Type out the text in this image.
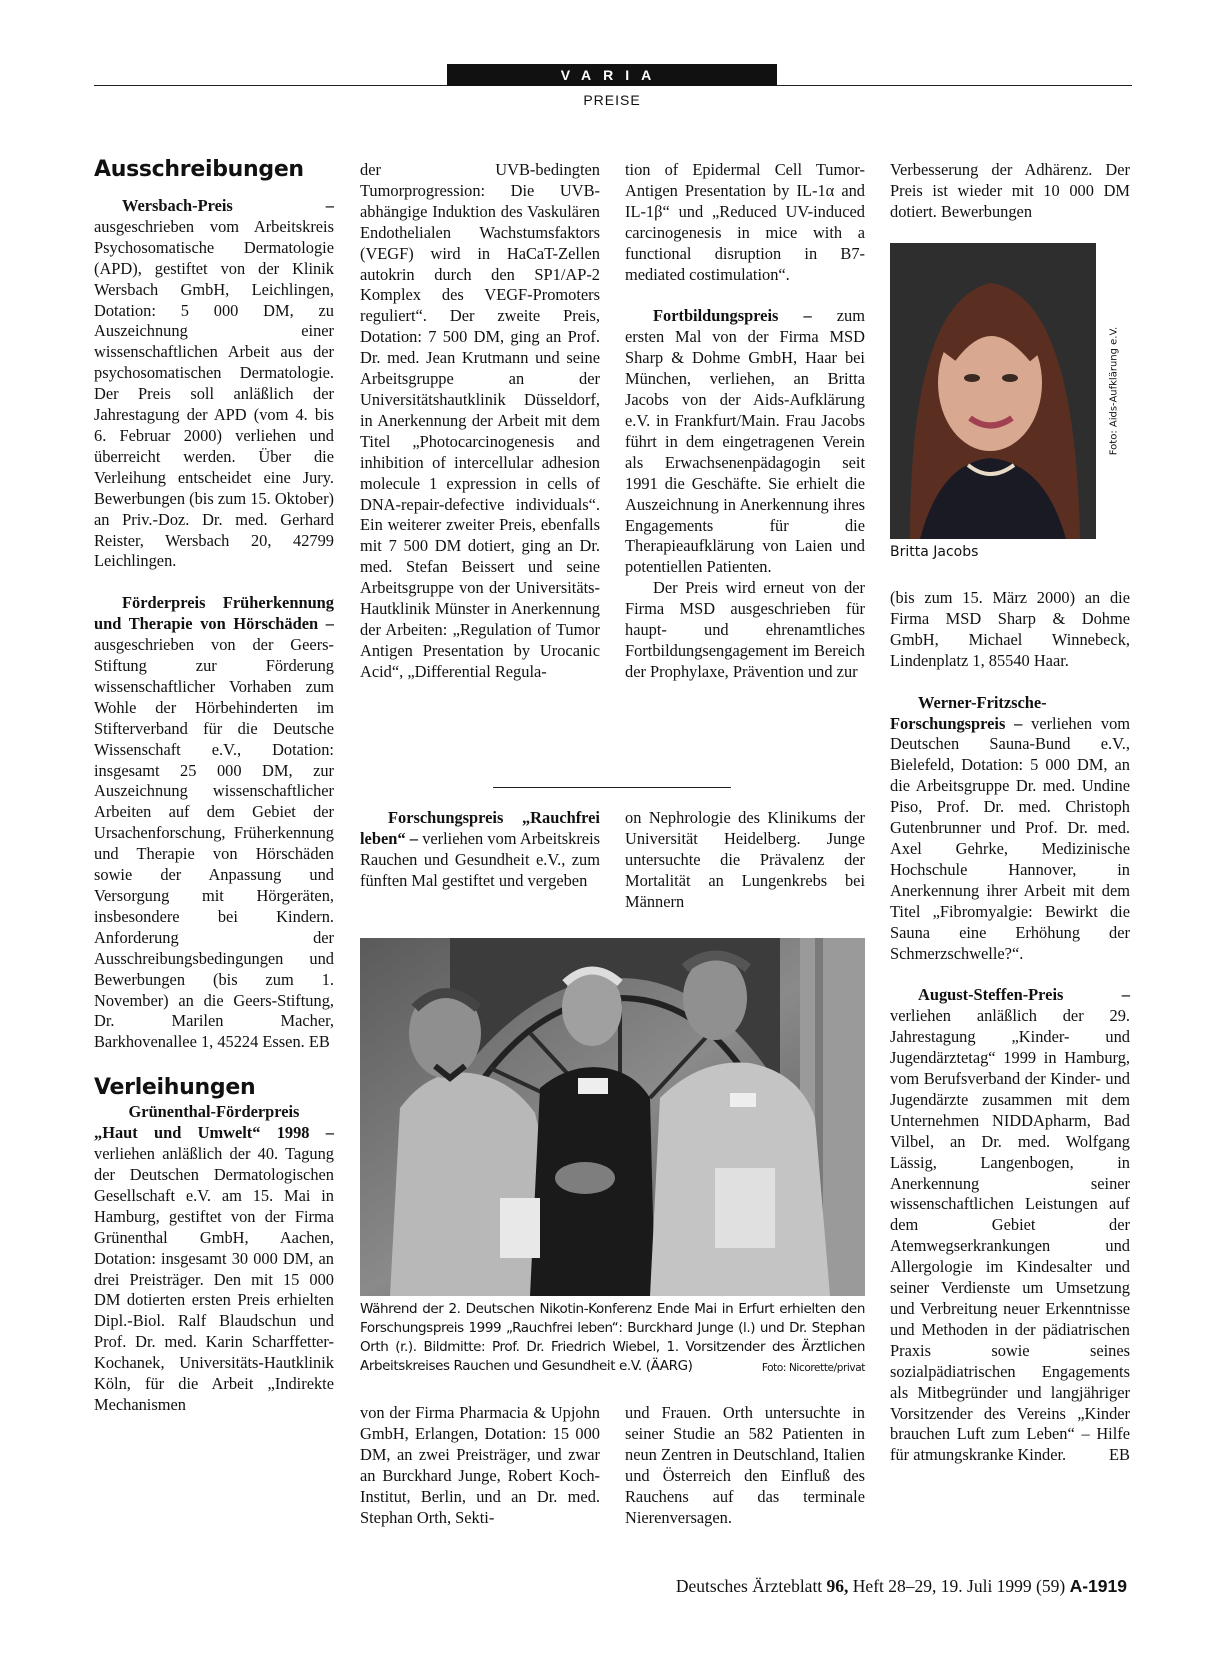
VARIA
PREISE
Ausschreibungen

Wersbach-Preis – ausgeschrieben vom Arbeitskreis Psychosomatische Dermatologie (APD), gestiftet von der Klinik Wersbach GmbH, Leichlingen, Dotation: 5 000 DM, zu Auszeichnung einer wissenschaftlichen Arbeit aus der psychosomatischen Dermatologie. Der Preis soll anläßlich der Jahrestagung der APD (vom 4. bis 6. Februar 2000) verliehen und überreicht werden. Über die Verleihung entscheidet eine Jury. Bewerbungen (bis zum 15. Oktober) an Priv.-Doz. Dr. med. Gerhard Reister, Wersbach 20, 42799 Leichlingen.

Förderpreis Früherkennung und Therapie von Hörschäden – ausgeschrieben von der Geers-Stiftung zur Förderung wissenschaftlicher Vorhaben zum Wohle der Hörbehinderten im Stifterverband für die Deutsche Wissenschaft e.V., Dotation: insgesamt 25 000 DM, zur Auszeichnung wissenschaftlicher Arbeiten auf dem Gebiet der Ursachenforschung, Früherkennung und Therapie von Hörschäden sowie der Anpassung und Versorgung mit Hörgeräten, insbesondere bei Kindern. Anforderung der Ausschreibungsbedingungen und Bewerbungen (bis zum 1. November) an die Geers-Stiftung, Dr. Marilen Macher, Barkhovenallee 1, 45224 Essen. EB

Verleihungen

Grünenthal-Förderpreis
„Haut und Umwelt“ 1998 – verliehen anläßlich der 40. Tagung der Deutschen Dermatologischen Gesellschaft e.V. am 15. Mai in Hamburg, gestiftet von der Firma Grünenthal GmbH, Aachen, Dotation: insgesamt 30 000 DM, an drei Preisträger. Den mit 15 000 DM dotierten ersten Preis erhielten Dipl.-Biol. Ralf Blaudschun und Prof. Dr. med. Karin Scharffetter-Kochanek, Universitäts-Hautklinik Köln, für die Arbeit „Indirekte Mechanismen

der UVB-bedingten Tumorprogression: Die UVB-abhängige Induktion des Vaskulären Endothelialen Wachstumsfaktors (VEGF) wird in HaCaT-Zellen autokrin durch den SP1/AP-2 Komplex des VEGF-Promoters reguliert“. Der zweite Preis, Dotation: 7 500 DM, ging an Prof. Dr. med. Jean Krutmann und seine Arbeitsgruppe an der Universitätshautklinik Düsseldorf, in Anerkennung der Arbeit mit dem Titel „Photocarcinogenesis and inhibition of intercellular adhesion molecule 1 expression in cells of DNA-repair-defective individuals“. Ein weiterer zweiter Preis, ebenfalls mit 7 500 DM dotiert, ging an Dr. med. Stefan Beissert und seine Arbeitsgruppe von der Universitäts-Hautklinik Münster in Anerkennung der Arbeiten: „Regulation of Tumor Antigen Presentation by Urocanic Acid“, „Differential Regula-

tion of Epidermal Cell Tumor-Antigen Presentation by IL-1α and IL-1β“ und „Reduced UV-induced carcinogenesis in mice with a functional disruption in B7-mediated costimulation“.

Fortbildungspreis – zum ersten Mal von der Firma MSD Sharp & Dohme GmbH, Haar bei München, verliehen, an Britta Jacobs von der Aids-Aufklärung e.V. in Frankfurt/Main. Frau Jacobs führt in dem eingetragenen Verein als Erwachsenenpädagogin seit 1991 die Geschäfte. Sie erhielt die Auszeichnung in Anerkennung ihres Engagements für die Therapieaufklärung von Laien und potentiellen Patienten.

Der Preis wird erneut von der Firma MSD ausgeschrieben für haupt- und ehrenamtliches Fortbildungsengagement im Bereich der Prophylaxe, Prävention und zur

Forschungspreis „Rauchfrei leben“ – verliehen vom Arbeitskreis Rauchen und Gesundheit e.V., zum fünften Mal gestiftet und vergeben

on Nephrologie des Klinikums der Universität Heidelberg. Junge untersuchte die Prävalenz der Mortalität an Lungenkrebs bei Männern

Während der 2. Deutschen Nikotin-Konferenz Ende Mai in Erfurt erhielten den Forschungspreis 1999 „Rauchfrei leben“: Burckhard Junge (l.) und Dr. Stephan Orth (r.). Bildmitte: Prof. Dr. Friedrich Wiebel, 1. Vorsitzender des Ärztlichen Arbeitskreises Rauchen und Gesundheit e.V. (ÄARG)	Foto: Nicorette/privat

von der Firma Pharmacia & Upjohn GmbH, Erlangen, Dotation: 15 000 DM, an zwei Preisträger, und zwar an Burckhard Junge, Robert Koch-Institut, Berlin, und an Dr. med. Stephan Orth, Sekti-

und Frauen. Orth untersuchte in seiner Studie an 582 Patienten in neun Zentren in Deutschland, Italien und Österreich den Einfluß des Rauchens auf das terminale Nierenversagen.

Verbesserung der Adhärenz. Der Preis ist wieder mit 10 000 DM dotiert. Bewerbungen

Foto: Aids-Aufklärung e.V.
Britta Jacobs

(bis zum 15. März 2000) an die Firma MSD Sharp & Dohme GmbH, Michael Winnebeck, Lindenplatz 1, 85540 Haar.

Werner-Fritzsche-Forschungspreis – verliehen vom Deutschen Sauna-Bund e.V., Bielefeld, Dotation: 5 000 DM, an die Arbeitsgruppe Dr. med. Undine Piso, Prof. Dr. med. Christoph Gutenbrunner und Prof. Dr. med. Axel Gehrke, Medizinische Hochschule Hannover, in Anerkennung ihrer Arbeit mit dem Titel „Fibromyalgie: Bewirkt die Sauna eine Erhöhung der Schmerzschwelle?“.

August-Steffen-Preis – verliehen anläßlich der 29. Jahrestagung „Kinder- und Jugendärztetag“ 1999 in Hamburg, vom Berufsverband der Kinder- und Jugendärzte zusammen mit dem Unternehmen NIDDApharm, Bad Vilbel, an Dr. med. Wolfgang Lässig, Langenbogen, in Anerkennung seiner wissenschaftlichen Leistungen auf dem Gebiet der Atemwegserkrankungen und Allergologie im Kindesalter und seiner Verdienste um Umsetzung und Verbreitung neuer Erkenntnisse und Methoden in der pädiatrischen Praxis sowie seines sozialpädiatrischen Engagements als Mitbegründer und langjähriger Vorsitzender des Vereins „Kinder brauchen Luft zum Leben“ – Hilfe für atmungskranke Kinder.	EB

Deutsches Ärzteblatt 96, Heft 28–29, 19. Juli 1999 (59) A-1919
